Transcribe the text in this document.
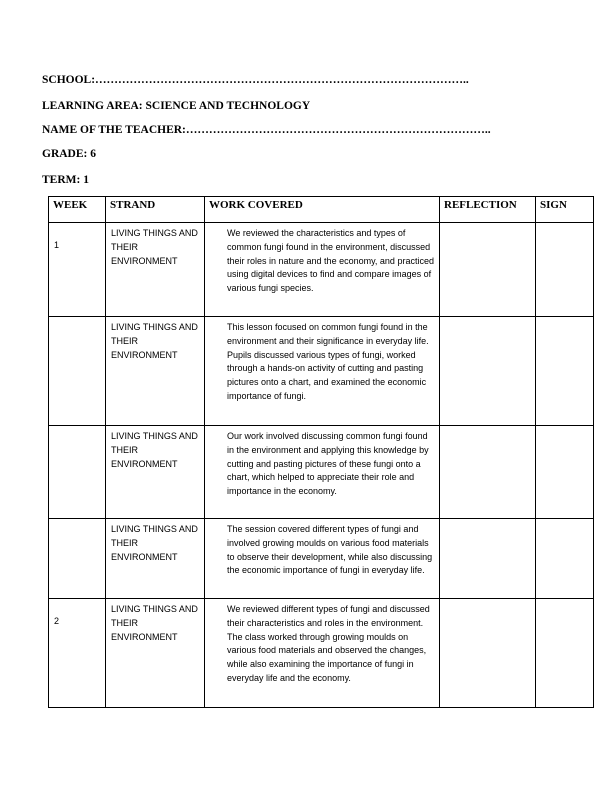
SCHOOL:……………………………………………………………………………………..
LEARNING AREA: SCIENCE AND TECHNOLOGY
NAME OF THE TEACHER:……………………………………………………………………..
GRADE: 6
TERM: 1
WEEK	STRAND	WORK COVERED	REFLECTION	SIGN

1	LIVING THINGS AND THEIR ENVIRONMENT	We reviewed the characteristics and types of common fungi found in the environment, discussed their roles in nature and the economy, and practiced using digital devices to find and compare images of various fungi species.		

	LIVING THINGS AND THEIR ENVIRONMENT	This lesson focused on common fungi found in the environment and their significance in everyday life. Pupils discussed various types of fungi, worked through a hands-on activity of cutting and pasting pictures onto a chart, and examined the economic importance of fungi.		

	LIVING THINGS AND THEIR ENVIRONMENT	Our work involved discussing common fungi found in the environment and applying this knowledge by cutting and pasting pictures of these fungi onto a chart, which helped to appreciate their role and importance in the economy.		

	LIVING THINGS AND THEIR ENVIRONMENT	The session covered different types of fungi and involved growing moulds on various food materials to observe their development, while also discussing the economic importance of fungi in everyday life.		

2	LIVING THINGS AND THEIR ENVIRONMENT	We reviewed different types of fungi and discussed their characteristics and roles in the environment. The class worked through growing moulds on various food materials and observed the changes, while also examining the importance of fungi in everyday life and the economy.		
